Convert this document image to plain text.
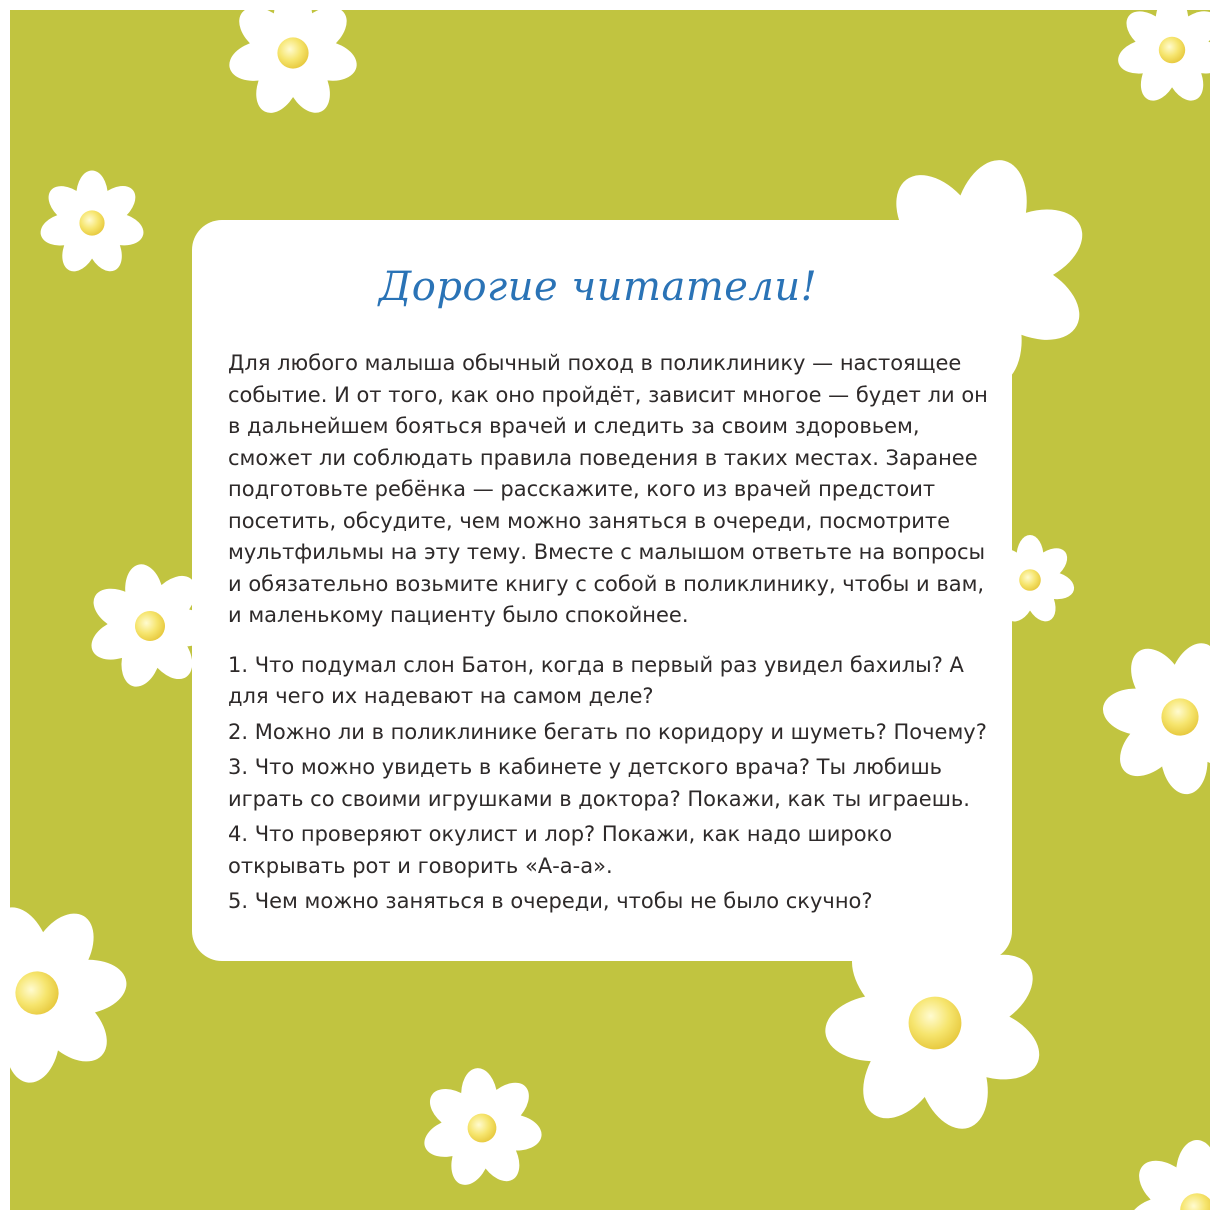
Дорогие читатели!

Для любого малыша обычный поход в поликлинику — настоящее событие. И от того, как оно пройдёт, зависит многое — будет ли он в дальнейшем бояться врачей и следить за своим здоровьем, сможет ли соблюдать правила поведения в таких местах. Заранее подготовьте ребёнка — расскажите, кого из врачей предстоит посетить, обсудите, чем можно заняться в очереди, посмотрите мультфильмы на эту тему. Вместе с малышом ответьте на вопросы и обязательно возьмите книгу с собой в поликлинику, чтобы и вам, и маленькому пациенту было спокойнее.

1. Что подумал слон Батон, когда в первый раз увидел бахилы? А для чего их надевают на самом деле?
2. Можно ли в поликлинике бегать по коридору и шуметь? Почему?
3. Что можно увидеть в кабинете у детского врача? Ты любишь играть со своими игрушками в доктора? Покажи, как ты играешь.
4. Что проверяют окулист и лор? Покажи, как надо широко открывать рот и говорить «А-а-а».
5. Чем можно заняться в очереди, чтобы не было скучно?
